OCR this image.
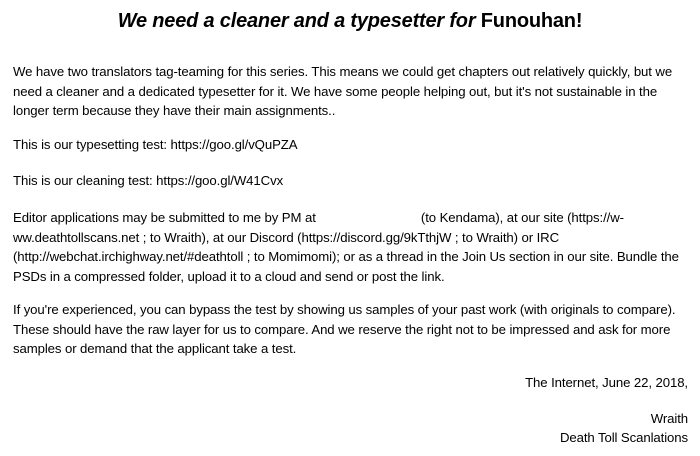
We need a cleaner and a typesetter for Funouhan!

We have two translators tag-teaming for this series. This means we could get chapters out relatively quickly, but we need a cleaner and a dedicated typesetter for it. We have some people helping out, but it's not sustainable in the longer term because they have their main assignments..

This is our typesetting test: https://goo.gl/vQuPZA

This is our cleaning test: https://goo.gl/W41Cvx

Editor applications may be submitted to me by PM at	(to Kendama), at our site (https://www.deathtollscans.net ; to Wraith), at our Discord (https://discord.gg/9kTthjW ; to Wraith) or IRC (http://webchat.irchighway.net/#deathtoll ; to Momimomi); or as a thread in the Join Us section in our site. Bundle the PSDs in a compressed folder, upload it to a cloud and send or post the link.

If you're experienced, you can bypass the test by showing us samples of your past work (with originals to compare). These should have the raw layer for us to compare. And we reserve the right not to be impressed and ask for more samples or demand that the applicant take a test.

The Internet, June 22, 2018,
Wraith
Death Toll Scanlations
